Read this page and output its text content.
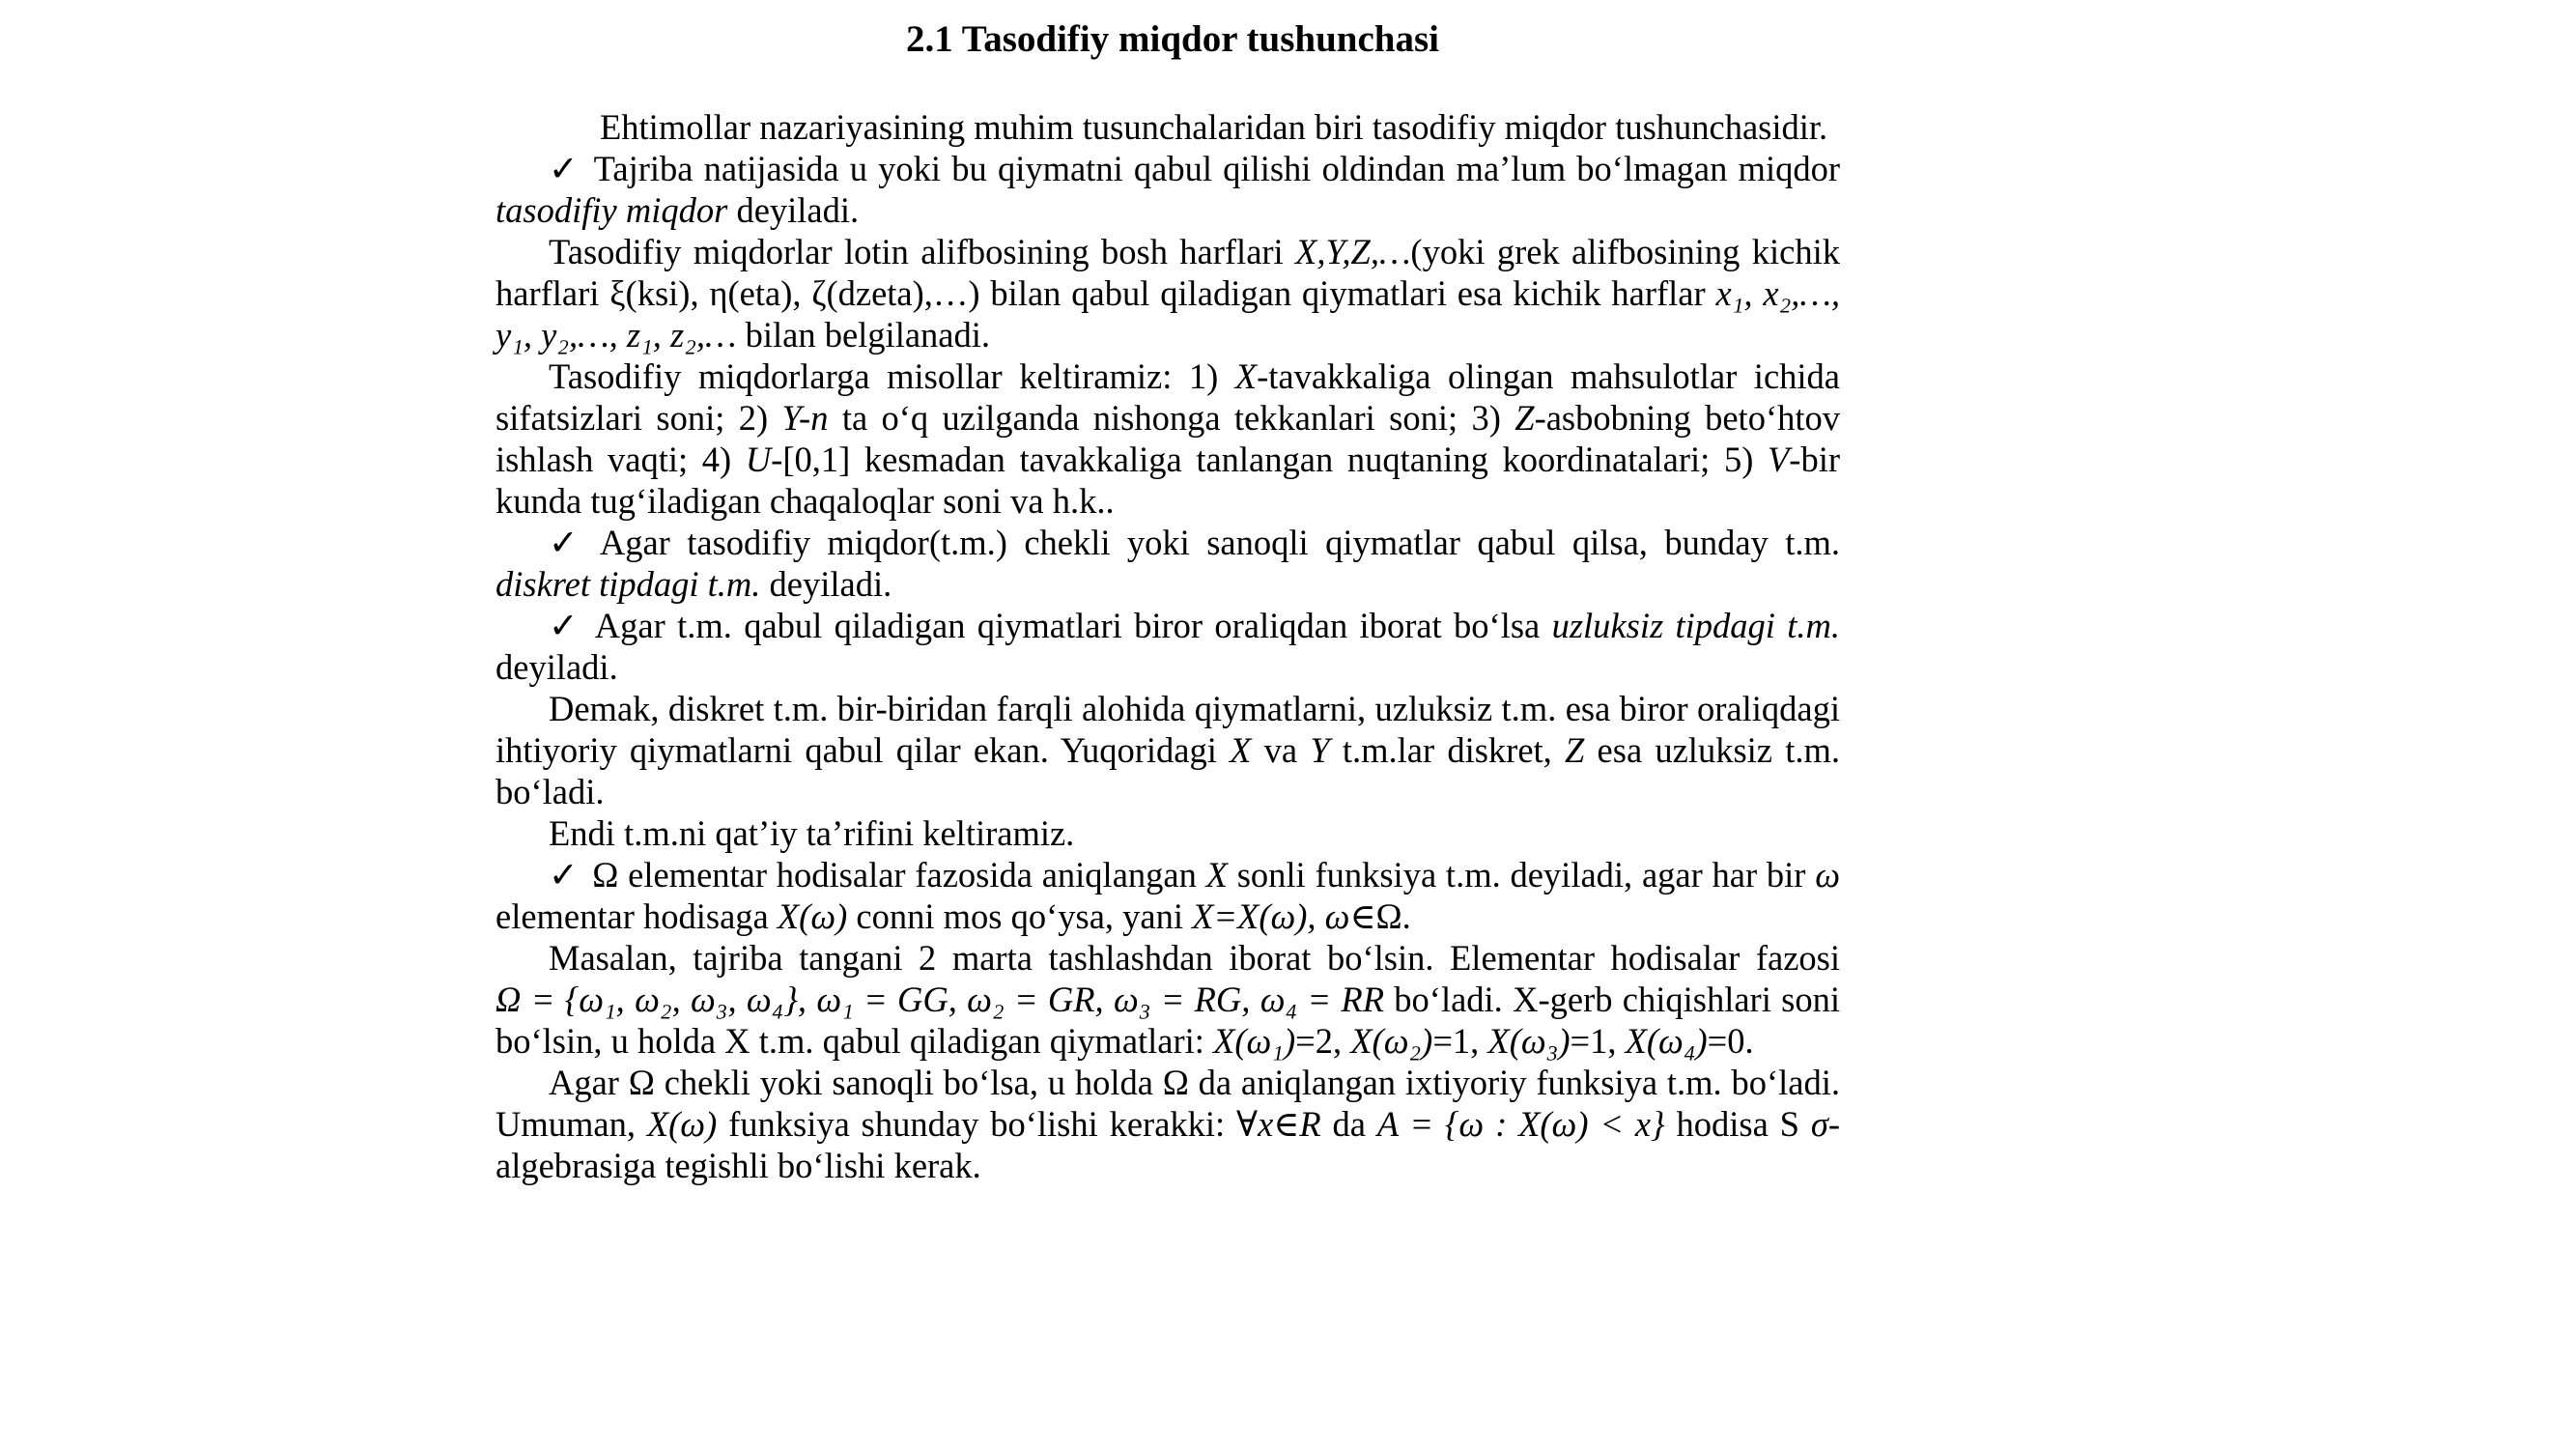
2.1 Tasodifiy miqdor tushunchasi

Ehtimollar nazariyasining muhim tusunchalaridan biri tasodifiy miqdor tushunchasidir.

✓ Tajriba natijasida u yoki bu qiymatni qabul qilishi oldindan ma’lum bo‘lmagan miqdor tasodifiy miqdor deyiladi.

Tasodifiy miqdorlar lotin alifbosining bosh harflari X,Y,Z,…(yoki grek alifbosining kichik harflari ξ(ksi), η(eta), ζ(dzeta),…) bilan qabul qiladigan qiymatlari esa kichik harflar x₁, x₂,…, y₁, y₂,…, z₁, z₂,… bilan belgilanadi.

Tasodifiy miqdorlarga misollar keltiramiz: 1) X-tavakkaliga olingan mahsulotlar ichida sifatsizlari soni; 2) Y-n ta o‘q uzilganda nishonga tekkanlari soni; 3) Z-asbobning beto‘htov ishlash vaqti; 4) U-[0,1] kesmadan tavakkaliga tanlangan nuqtaning koordinatalari; 5) V-bir kunda tug‘iladigan chaqaloqlar soni va h.k..

✓ Agar tasodifiy miqdor(t.m.) chekli yoki sanoqli qiymatlar qabul qilsa, bunday t.m. diskret tipdagi t.m. deyiladi.

✓ Agar t.m. qabul qiladigan qiymatlari biror oraliqdan iborat bo‘lsa uzluksiz tipdagi t.m. deyiladi.

Demak, diskret t.m. bir-biridan farqli alohida qiymatlarni, uzluksiz t.m. esa biror oraliqdagi ihtiyoriy qiymatlarni qabul qilar ekan. Yuqoridagi X va Y t.m.lar diskret, Z esa uzluksiz t.m. bo‘ladi.

Endi t.m.ni qat’iy ta’rifini keltiramiz.

✓ Ω elementar hodisalar fazosida aniqlangan X sonli funksiya t.m. deyiladi, agar har bir ω elementar hodisaga X(ω) conni mos qo‘ysa, yani X=X(ω), ω∈Ω.

Masalan, tajriba tangani 2 marta tashlashdan iborat bo‘lsin. Elementar hodisalar fazosi Ω = {ω₁, ω₂, ω₃, ω₄}, ω₁ = GG, ω₂ = GR, ω₃ = RG, ω₄ = RR bo‘ladi. X-gerb chiqishlari soni bo‘lsin, u holda X t.m. qabul qiladigan qiymatlari: X(ω₁)=2, X(ω₂)=1, X(ω₃)=1, X(ω₄)=0.

Agar Ω chekli yoki sanoqli bo‘lsa, u holda Ω da aniqlangan ixtiyoriy funksiya t.m. bo‘ladi. Umuman, X(ω) funksiya shunday bo‘lishi kerakki: ∀x∈R da A = {ω : X(ω) < x} hodisa S σ-algebrasiga tegishli bo‘lishi kerak.
